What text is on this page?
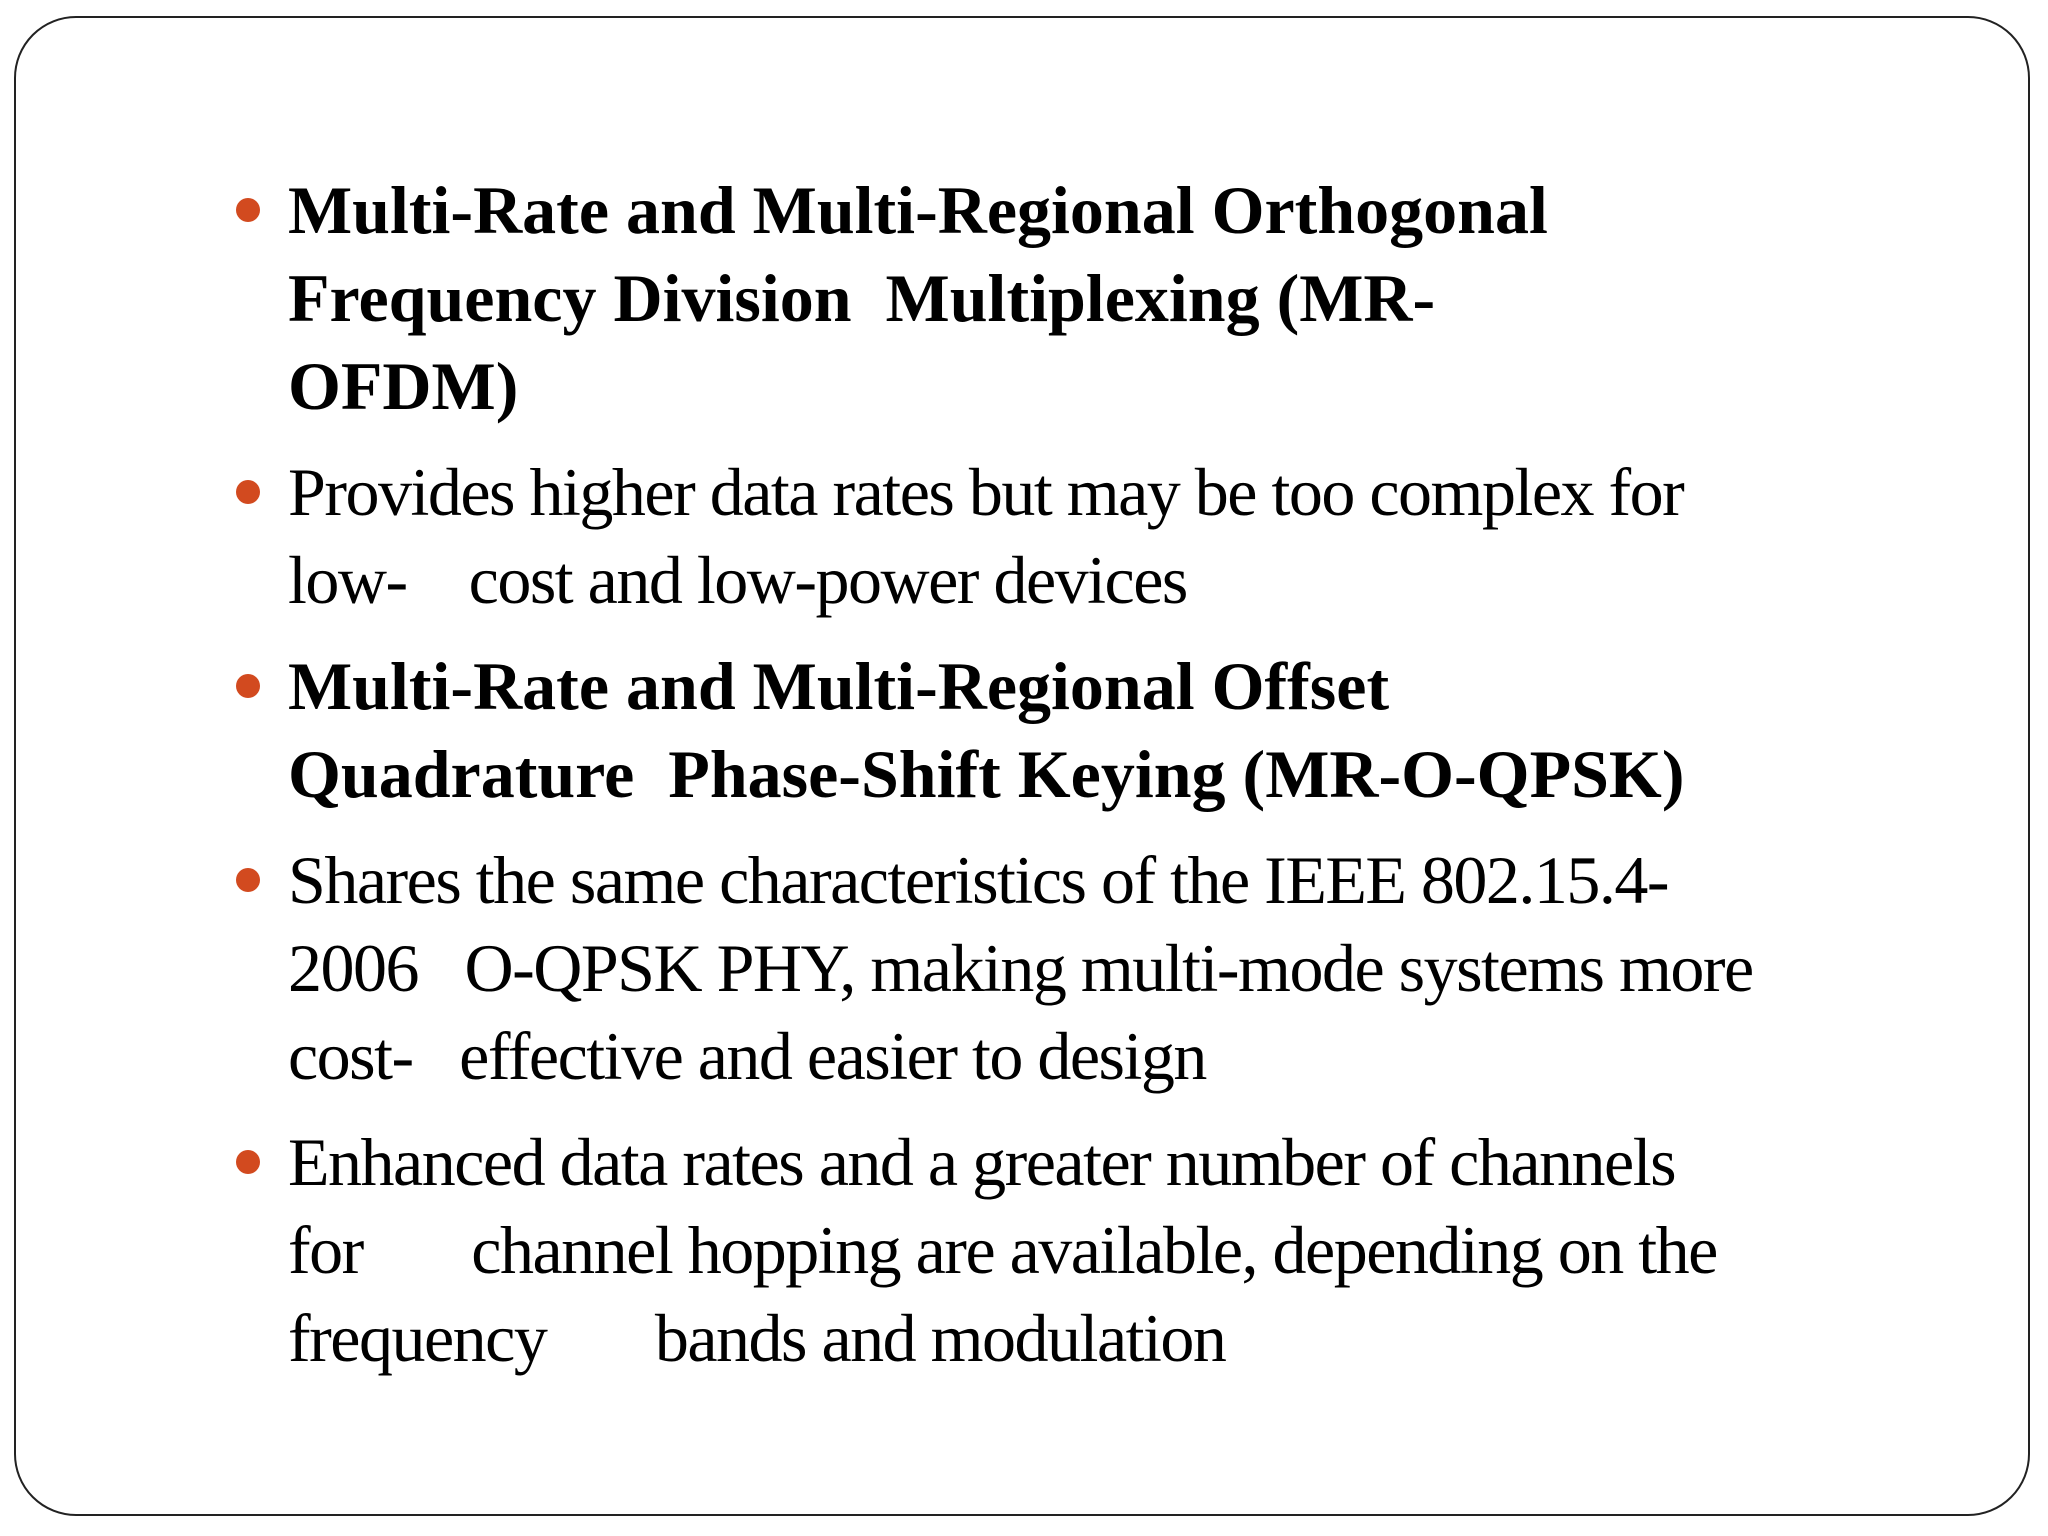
Multi-Rate and Multi-Regional Orthogonal
Frequency Division  Multiplexing (MR-
OFDM)
Provides higher data rates but may be too complex for
low-    cost and low-power devices
Multi-Rate and Multi-Regional Offset
Quadrature  Phase-Shift Keying (MR-O-QPSK)
Shares the same characteristics of the IEEE 802.15.4-
2006   O-QPSK PHY, making multi-mode systems more
cost-   effective and easier to design
Enhanced data rates and a greater number of channels
for       channel hopping are available, depending on the
frequency       bands and modulation
